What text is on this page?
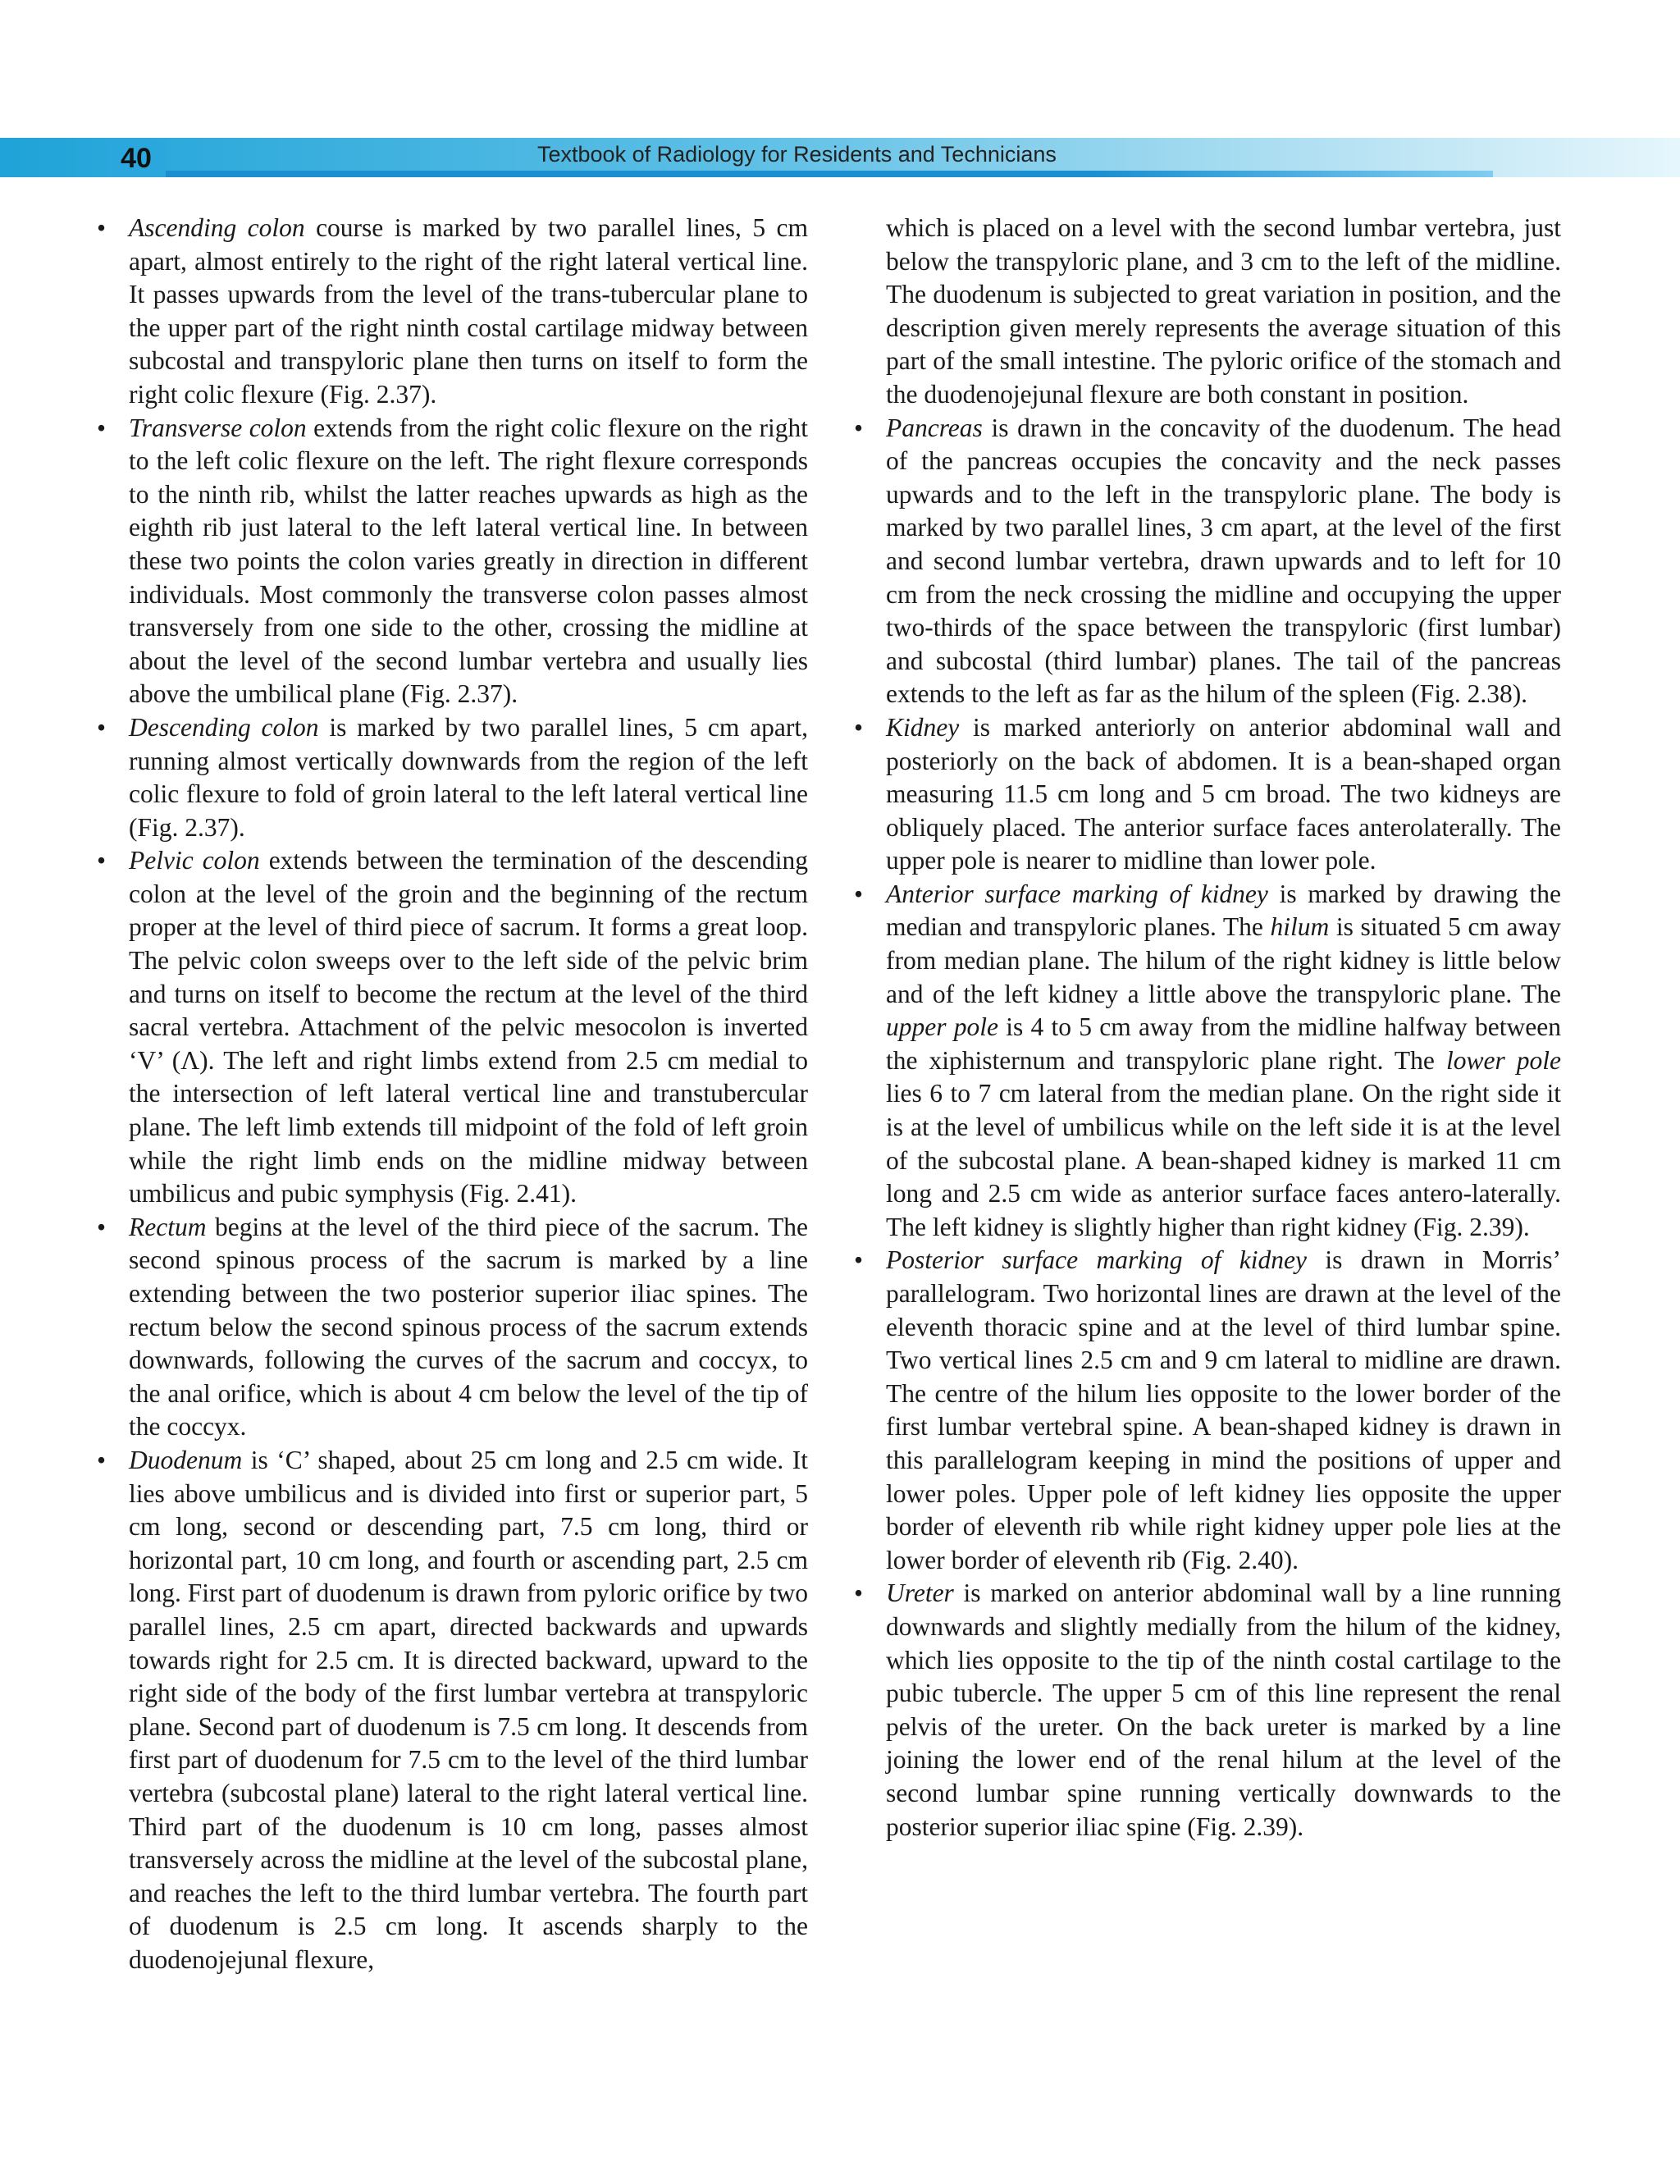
40	Textbook of Radiology for Residents and Technicians
• Ascending colon course is marked by two parallel lines, 5 cm apart, almost entirely to the right of the right lateral vertical line. It passes upwards from the level of the trans-tubercular plane to the upper part of the right ninth costal cartilage midway between subcostal and transpyloric plane then turns on itself to form the right colic flexure (Fig. 2.37).

• Transverse colon extends from the right colic flexure on the right to the left colic flexure on the left. The right flexure corresponds to the ninth rib, whilst the latter reaches upwards as high as the eighth rib just lateral to the left lateral vertical line. In between these two points the colon varies greatly in direction in different individuals. Most commonly the transverse colon passes almost transversely from one side to the other, crossing the midline at about the level of the second lumbar vertebra and usually lies above the umbilical plane (Fig. 2.37).

• Descending colon is marked by two parallel lines, 5 cm apart, running almost vertically downwards from the region of the left colic flexure to fold of groin lateral to the left lateral vertical line (Fig. 2.37).

• Pelvic colon extends between the termination of the descending colon at the level of the groin and the beginning of the rectum proper at the level of third piece of sacrum. It forms a great loop. The pelvic colon sweeps over to the left side of the pelvic brim and turns on itself to become the rectum at the level of the third sacral vertebra. Attachment of the pelvic mesocolon is inverted ‘V’ (Λ). The left and right limbs extend from 2.5 cm medial to the intersection of left lateral vertical line and transtubercular plane. The left limb extends till midpoint of the fold of left groin while the right limb ends on the midline midway between umbilicus and pubic symphysis (Fig. 2.41).

• Rectum begins at the level of the third piece of the sacrum. The second spinous process of the sacrum is marked by a line extending between the two posterior superior iliac spines. The rectum below the second spinous process of the sacrum extends downwards, following the curves of the sacrum and coccyx, to the anal orifice, which is about 4 cm below the level of the tip of the coccyx.

• Duodenum is ‘C’ shaped, about 25 cm long and 2.5 cm wide. It lies above umbilicus and is divided into first or superior part, 5 cm long, second or descending part, 7.5 cm long, third or horizontal part, 10 cm long, and fourth or ascending part, 2.5 cm long. First part of duodenum is drawn from pyloric orifice by two parallel lines, 2.5 cm apart, directed backwards and upwards towards right for 2.5 cm. It is directed backward, upward to the right side of the body of the first lumbar vertebra at transpyloric plane. Second part of duodenum is 7.5 cm long. It descends from first part of duodenum for 7.5 cm to the level of the third lumbar vertebra (subcostal plane) lateral to the right lateral vertical line. Third part of the duodenum is 10 cm long, passes almost transversely across the midline at the level of the subcostal plane, and reaches the left to the third lumbar vertebra. The fourth part of duodenum is 2.5 cm long. It ascends sharply to the duodenojejunal flexure,

which is placed on a level with the second lumbar vertebra, just below the transpyloric plane, and 3 cm to the left of the midline. The duodenum is subjected to great variation in position, and the description given merely represents the average situation of this part of the small intestine. The pyloric orifice of the stomach and the duodenojejunal flexure are both constant in position.

• Pancreas is drawn in the concavity of the duodenum. The head of the pancreas occupies the concavity and the neck passes upwards and to the left in the transpyloric plane. The body is marked by two parallel lines, 3 cm apart, at the level of the first and second lumbar vertebra, drawn upwards and to left for 10 cm from the neck crossing the midline and occupying the upper two-thirds of the space between the transpyloric (first lumbar) and subcostal (third lumbar) planes. The tail of the pancreas extends to the left as far as the hilum of the spleen (Fig. 2.38).

• Kidney is marked anteriorly on anterior abdominal wall and posteriorly on the back of abdomen. It is a bean-shaped organ measuring 11.5 cm long and 5 cm broad. The two kidneys are obliquely placed. The anterior surface faces anterolaterally. The upper pole is nearer to midline than lower pole.

• Anterior surface marking of kidney is marked by drawing the median and transpyloric planes. The hilum is situated 5 cm away from median plane. The hilum of the right kidney is little below and of the left kidney a little above the transpyloric plane. The upper pole is 4 to 5 cm away from the midline halfway between the xiphisternum and transpyloric plane right. The lower pole lies 6 to 7 cm lateral from the median plane. On the right side it is at the level of umbilicus while on the left side it is at the level of the subcostal plane. A bean-shaped kidney is marked 11 cm long and 2.5 cm wide as anterior surface faces antero-laterally. The left kidney is slightly higher than right kidney (Fig. 2.39).

• Posterior surface marking of kidney is drawn in Morris’ parallelogram. Two horizontal lines are drawn at the level of the eleventh thoracic spine and at the level of third lumbar spine. Two vertical lines 2.5 cm and 9 cm lateral to midline are drawn. The centre of the hilum lies opposite to the lower border of the first lumbar vertebral spine. A bean-shaped kidney is drawn in this parallelogram keeping in mind the positions of upper and lower poles. Upper pole of left kidney lies opposite the upper border of eleventh rib while right kidney upper pole lies at the lower border of eleventh rib (Fig. 2.40).

• Ureter is marked on anterior abdominal wall by a line running downwards and slightly medially from the hilum of the kidney, which lies opposite to the tip of the ninth costal cartilage to the pubic tubercle. The upper 5 cm of this line represent the renal pelvis of the ureter. On the back ureter is marked by a line joining the lower end of the renal hilum at the level of the second lumbar spine running vertically downwards to the posterior superior iliac spine (Fig. 2.39).
